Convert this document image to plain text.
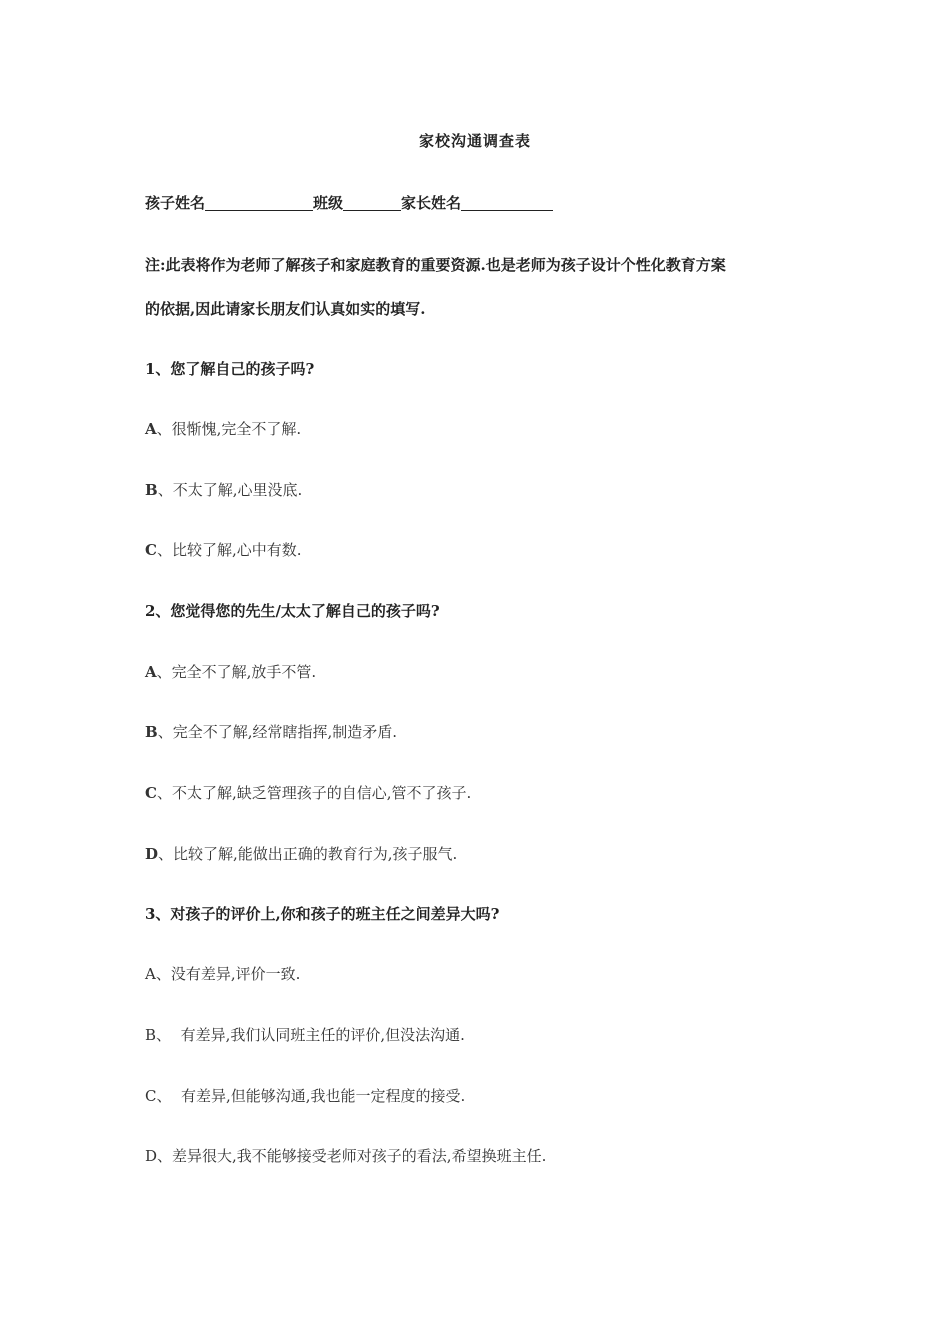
家校沟通调查表
孩子姓名	班级	家长姓名
注:此表将作为老师了解孩子和家庭教育的重要资源.也是老师为孩子设计个性化教育方案
的依据,因此请家长朋友们认真如实的填写.
1、您了解自己的孩子吗?
A、很惭愧,完全不了解.
B、不太了解,心里没底.
C、比较了解,心中有数.
2、您觉得您的先生/太太了解自己的孩子吗?
A、完全不了解,放手不管.
B、完全不了解,经常瞎指挥,制造矛盾.
C、不太了解,缺乏管理孩子的自信心,管不了孩子.
D、比较了解,能做出正确的教育行为,孩子服气.
3、对孩子的评价上,你和孩子的班主任之间差异大吗?
A、没有差异,评价一致.
B、  有差异,我们认同班主任的评价,但没法沟通.
C、  有差异,但能够沟通,我也能一定程度的接受.
D、差异很大,我不能够接受老师对孩子的看法,希望换班主任.
